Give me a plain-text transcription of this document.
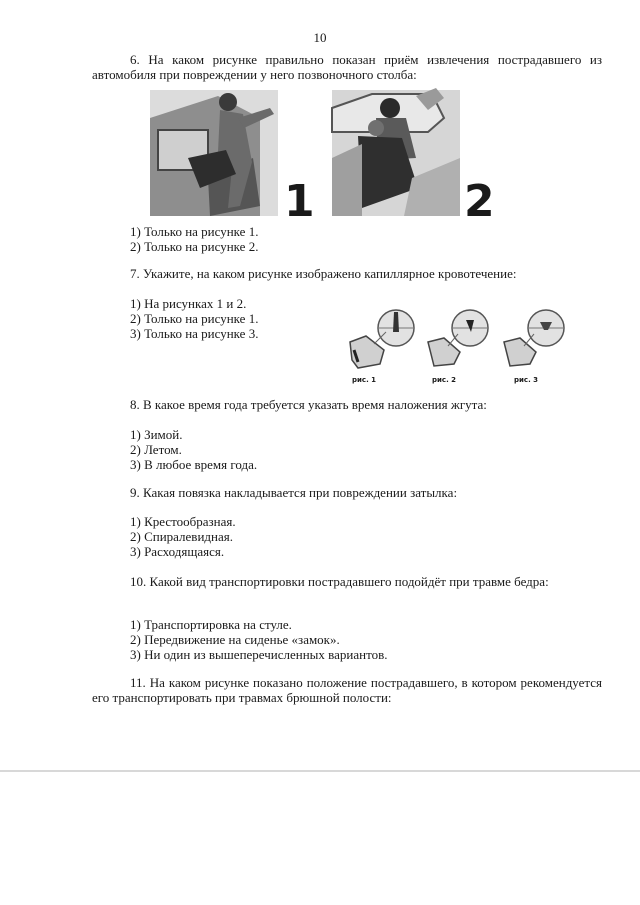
10
6. На каком рисунке правильно показан приём извлечения пострадавшего из автомобиля при повреждении у него позвоночного столба:
1	2
1) Только на рисунке 1.
2) Только на рисунке 2.
7. Укажите, на каком рисунке изображено капиллярное кровотечение:
1) На рисунках 1 и 2.
2) Только на рисунке 1.
3) Только на рисунке 3.
рис. 1	рис. 2	рис. 3
8. В какое время года требуется указать время наложения жгута:
1) Зимой.
2) Летом.
3) В любое время года.
9. Какая повязка накладывается при повреждении затылка:
1) Крестообразная.
2) Спиралевидная.
3) Расходящаяся.
10. Какой вид транспортировки пострадавшего подойдёт при травме бедра:
1) Транспортировка на стуле.
2) Передвижение на сиденье «замок».
3) Ни один из вышеперечисленных вариантов.
11. На каком рисунке показано положение пострадавшего, в котором рекомендуется его транспортировать при травмах брюшной полости:
